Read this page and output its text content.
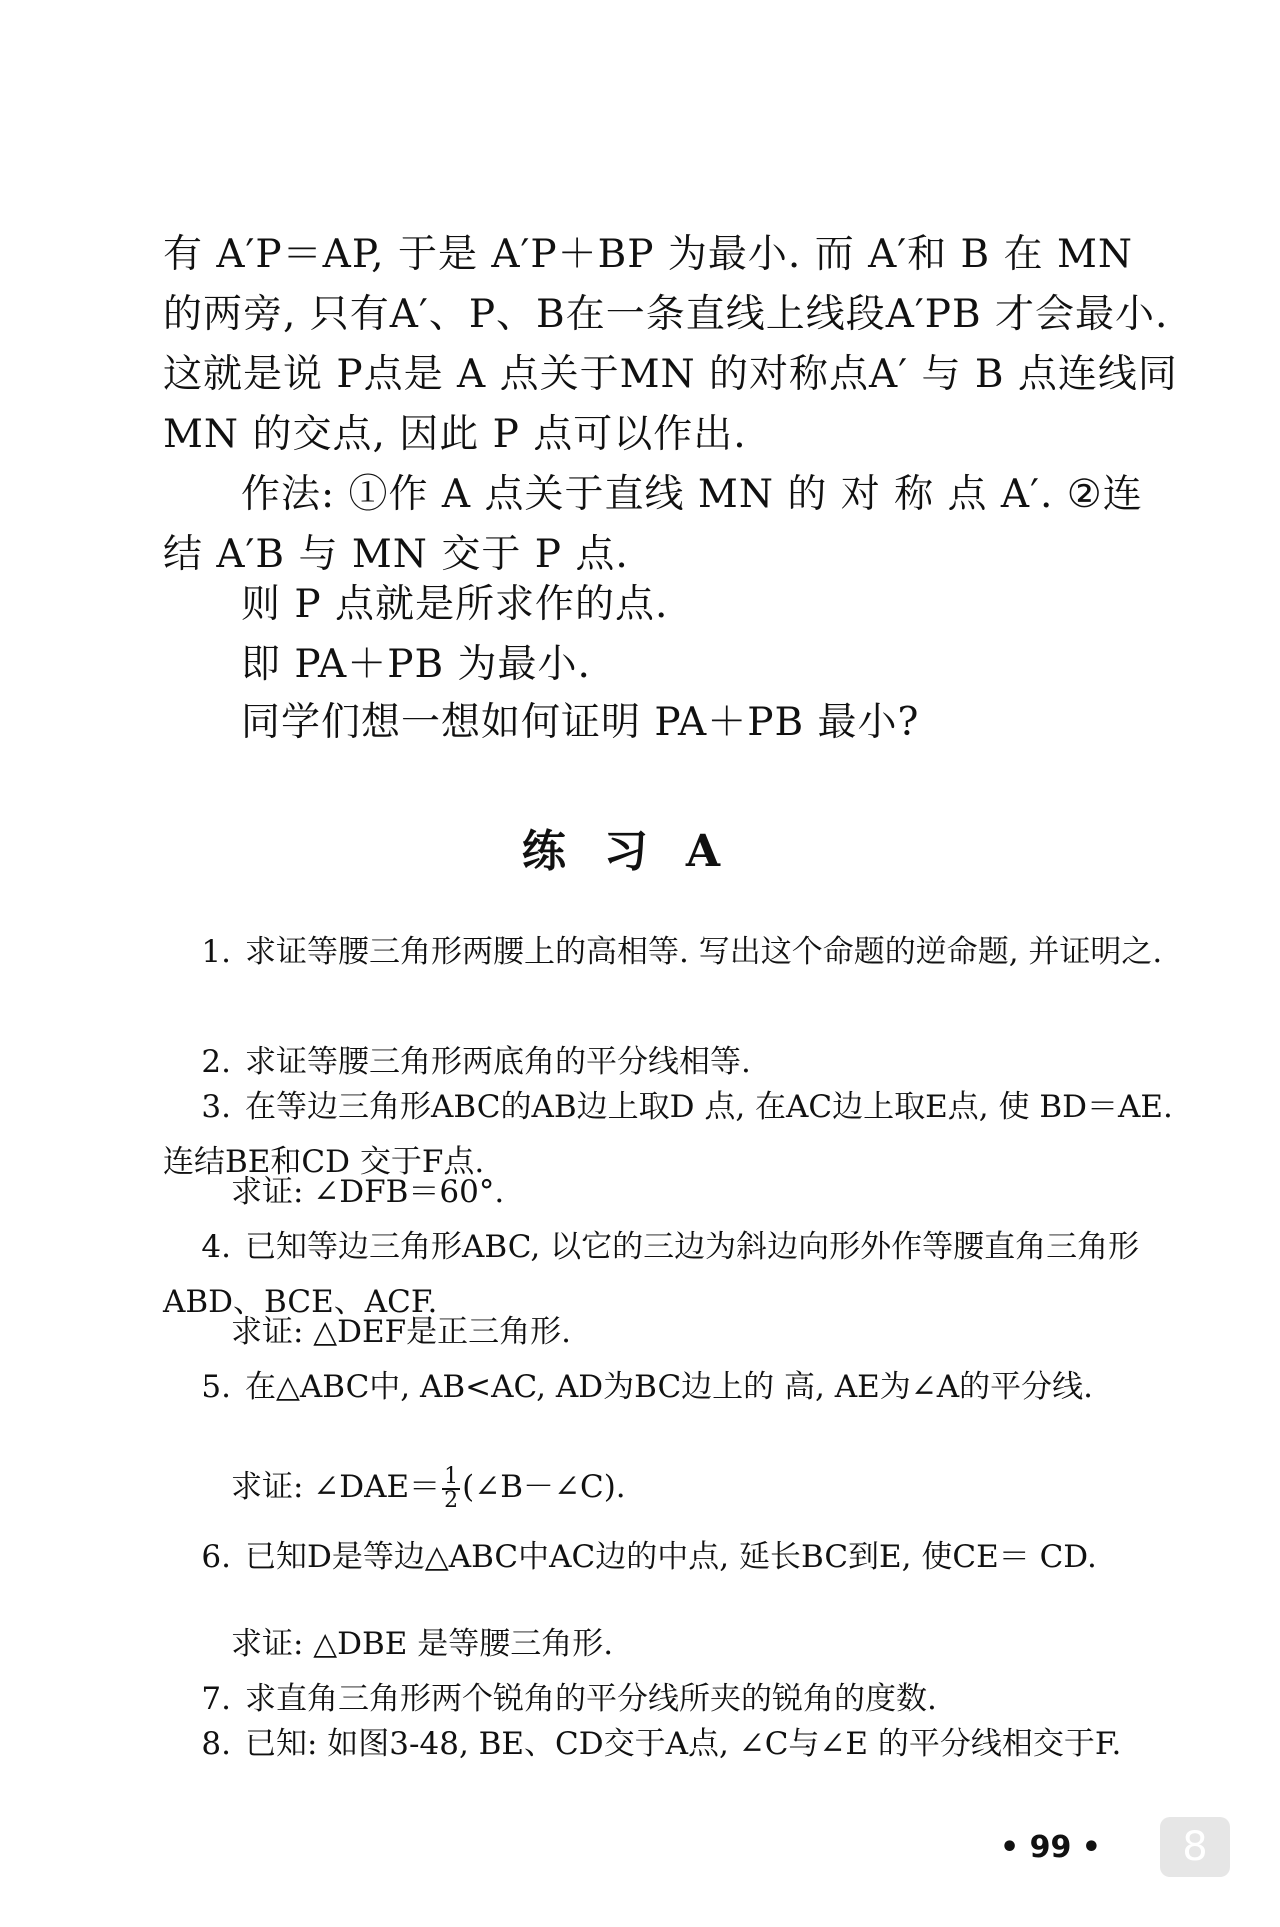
有 A′P＝AP, 于是 A′P＋BP 为最小. 而 A′和 B 在 MN 的两旁, 只有A′、P、B在一条直线上线段A′PB 才会最小. 这就是说 P点是 A 点关于MN 的对称点A′ 与 B 点连线同MN 的交点, 因此 P 点可以作出.

作法: ①作 A 点关于直线 MN 的 对 称 点 A′. ②连 结 A′B 与 MN 交于 P 点.

则 P 点就是所求作的点.

即 PA＋PB 为最小.

同学们想一想如何证明 PA＋PB 最小?

练习A

1. 求证等腰三角形两腰上的高相等. 写出这个命题的逆命题, 并证明之.

2. 求证等腰三角形两底角的平分线相等.

3. 在等边三角形ABC的AB边上取D 点, 在AC边上取E点, 使 BD＝AE. 连结BE和CD 交于F点.

求证: ∠DFB＝60°.

4. 已知等边三角形ABC, 以它的三边为斜边向形外作等腰直角三角形ABD、BCE、ACF.

求证: △DEF是正三角形.

5. 在△ABC中, AB<AC, AD为BC边上的 高, AE为∠A的平分线.

求证: ∠DAE＝ $\frac{1}{2}$ (∠B－∠C).

6. 已知D是等边△ABC中AC边的中点, 延长BC到E, 使CE＝ CD.

求证: △DBE 是等腰三角形.

7. 求直角三角形两个锐角的平分线所夹的锐角的度数.

8. 已知: 如图3-48, BE、CD交于A点, ∠C与∠E 的平分线相交于F.

• 99 •	8
